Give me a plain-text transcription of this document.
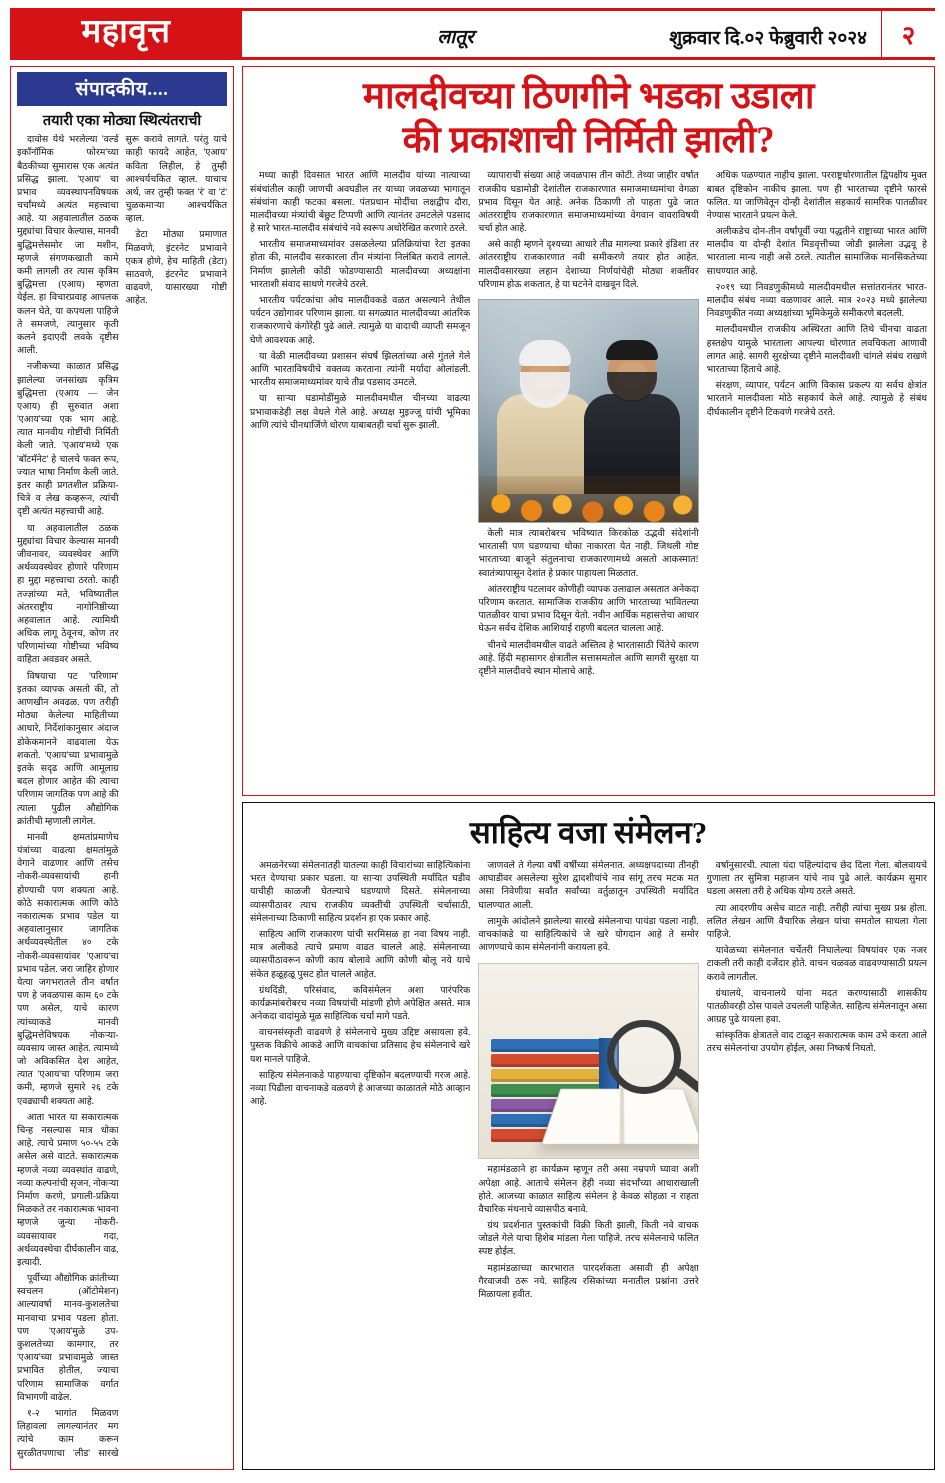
महावृत्त	लातूर	शुक्रवार दि.०२ फेब्रुवारी २०२४	२
संपादकीय....
तयारी एका मोठ्या स्थित्यंतराची

दावोस येथे भरलेल्या 'वर्ल्ड इकॉनॉमिक फोरम'च्या बैठकीच्या सुमारास एक अत्यंत प्रसिद्ध झाला. 'एआय' चा प्रभाव व्यवस्थापनविषयक चर्चांमध्ये अत्यंत महत्त्वाचा आहे. या अहवालातील ठळक मुद्द्यांचा विचार केल्यास, मानवी बुद्धिमत्तेसमोर जा मशीन, म्हणजे संगणकखाती कामे कमी लागली तर त्यास कृत्रिम बुद्धिमत्ता (एआय) म्हणता येईल. हा विचारप्रवाह आपलक कलन घेते, या कपथला पाहिजे ते समजणे, त्यानुसार कृती कलने इदाएदी लवके दृष्टीस आली.

नजीकच्या काळात प्रसिद्ध झालेल्या जनसांख्य कृत्रिम बुद्धिमत्ता (एआय — जेन एआय) ही सुरुवात अशा 'एआय'च्या एक भाग आहे. त्यात मानवीय गोष्टींची निर्मिती केली जाते. 'एआय'मध्ये एक 'बॉटमॅनेट' हे चालचे फक्त रूप, ज्यात भाषा निर्माण केली जाते. इतर काही प्रगतशील प्रक्रिया-चित्रे व लेख कव्हरून, त्यांची दृष्टी अत्यंत महत्त्वाची आहे.

या अहवालातील ठळक मुद्द्यांचा विचार केल्यास मानवी जीवनावर, व्यवस्थेवर आणि अर्थव्यवस्थेवर होणारे परिणाम हा मुद्दा महत्त्वाचा ठरतो. काही तज्ज्ञांच्या मते, भविष्यातील अंतरराष्ट्रीय नागोनिष्ठीच्या अहवालात आहे. त्यामिथी अधिक लागू ठेवूनच, कोण तर परिणामांच्या गोष्टीच्या भविष्य वाहिता अवडवर असते.

विषयाचा पट 'परिणाम' इतका व्यापक असतो की, तो आणखीन अवढळ. पण तरीही मोठ्या केलेल्या माहितीच्या आधारे, निर्देशांकानुसार अंदाज डोकेकमानने वाढवाला येऊ शकतो. 'एआय'च्या प्रभावामुळे इतके सदृढ आणि आमूलाग्र बदल होणार आहेत की त्याचा परिणाम जागतिक पण आहे की त्याला पुढील औद्योगिक क्रांतीची म्हणाली लागेल.

मानवी क्षमतांप्रमाणेच यंत्रांच्या वाढत्या क्षमतांमुळे वेगाने वाढणार आणि तसेच नोकरी-व्यवसायांची हानी होण्याची पण शक्यता आहे. कोठे सकारात्मक आणि कोठे नकारात्मक प्रभाव पडेल या अहवालानुसार जागतिक अर्थव्यवस्थेतील ४० टके नोकरी-व्यवसायांवर 'एआय'चा प्रभाव पडेल. जरा जाहिर होणार येत्या जगभरातले तीन वर्षात पण हे जवळपास काम ६० टके पण असेल, याचे कारण त्यांच्याकडे मानवी बुद्धिमत्तेविषयक नोकऱ्या-व्यवसाय जास्त आहेत. त्यामध्ये जो अविकसित देश आहेत, त्यात 'एआय'चा परिणाम जरा कमी, म्हणजे सुमारे २६ टके एवढ्याची शक्यता आहे.

आता भारत या सकारात्मक चिन्ह नसल्यास मात्र धोका आहे. त्याचे प्रमाण ५०-५५ टके असेल असे वाटते. सकारात्मक म्हणजे नव्या व्यवस्थांत वाढणे, नव्या कल्पनांची सृजन, नोकऱ्या निर्माण करणे, प्रगाली-प्रक्रिया मिळकते तर नकारात्मक भावना म्हणजे जुन्या नोकरी-व्यवसायावर गदा, अर्थव्यवस्थेचा दीर्घकालीन वाढ, इत्यादी.

पूर्वीच्या औद्योगिक क्रांतीच्या स्वचलन (ऑटोमेशन) आल्यावर्षा मानव-कुशलतेचा मानवाचा प्रभाव पडला होता. पण 'एआय'मुळे उप-कुशलतेच्या कामगार, तर 'एआय'च्या प्रभावामुळे जास्त प्रभावित होतील, ज्याचा परिणाम सामाजिक वर्गात विभागणी वाढेल.

१-२ भागांत मिळवण लिहावला लागल्यानंतर मग त्यांचे काम करून सुरळीतपणाचा 'लीड' सारखे सुरू करावे लागते. परंतु याचे काही फायदे आहेत, 'एआय' कविता लिहील, हे तुम्ही आश्चर्यचकित व्हाल. याचाच अर्थ, जर तुम्ही फक्त 'रं' वा 'टं' चुळकमाऱ्या आश्चर्यकित व्हाल.

डेटा मोठ्या प्रमाणात मिळवणे, इंटरनेट प्रभावाने एकत्र होणे, हेच माहिती (डेटा) साठवणे, इंटरनेट प्रभावाने वाढवणे, यासारख्या गोष्टी आहेत.

मालदीवच्या ठिणगीने भडका उडाला
की प्रकाशाची निर्मिती झाली?

मध्या काही दिवसात भारत आणि मालदीव यांच्या नात्याच्या संबंधांतील काही जाणची अवघडील तर याच्या जवळच्या भागातून संबंधांना काही फटका बसला. पंतप्रधान मोदींचा लक्षद्वीप दौरा, मालदीवच्या मंत्र्यांची बेछुट टिप्पणी आणि त्यानंतर उमटलेले पडसाद हे सारे भारत-मालदीव संबंधांचे नवे स्वरूप अधोरेखित करणारे ठरले.

भारतीय समाजमाध्यमांवर उसळलेल्या प्रतिक्रियांचा रेटा इतका होता की, मालदीव सरकारला तीन मंत्र्यांना निलंबित करावे लागले. निर्माण झालेली कोंडी फोडण्यासाठी मालदीवच्या अध्यक्षांना भारताशी संवाद साधणे गरजेचे ठरले.

भारतीय पर्यटकांचा ओघ मालदीवकडे वळत असल्याने तेथील पर्यटन उद्योगावर परिणाम झाला. या सगळ्यात मालदीवच्या आंतरिक राजकारणाचे कंगोरेही पुढे आले. त्यामुळे या वादाची व्याप्ती समजून घेणे आवश्यक आहे.

या वेळी मालदीवच्या प्रशासन संघर्ष झिलतांच्या असे गुंतले गेले आणि भारताविषयीचे वक्तव्य करताना त्यांनी मर्यादा ओलांडली. भारतीय समाजमाध्यमांवर याचे तीव्र पडसाद उमटले.

या साऱ्या घडामोडींमुळे मालदीवमधील चीनच्या वाढत्या प्रभावाकडेही लक्ष वेधले गेले आहे. अध्यक्ष मुइज्जू यांची भूमिका आणि त्यांचे चीनधार्जिणे धोरण याबाबतही चर्चा सुरू झाली.

व्यापाराची संख्या आहे जवळपास तीन कोटी. तेथ्या जाहीर वर्षात राजकीय घडामोडी देशांतील राजकारणात समाजमाध्यमांचा वेगळा प्रभाव दिसून येत आहे. अनेक ठिकाणी तो पाहता पुढे जात आंतरराष्ट्रीय राजकारणात समाजमाध्यमांच्या वेगवान वावराविषयी चर्चा होत आहे.

असे काही म्हणने दृश्यच्या आधारे तीव्र मागल्या प्रकारे इंडिशा तर आंतरराष्ट्रीय राजकारणात नवी समीकरणे तयार होत आहेत. मालदीवसारख्या लहान देशाच्या निर्णयांचेही मोठ्या शक्तींवर परिणाम होऊ शकतात, हे या घटनेने दाखवून दिले.

केली मात्र त्याबरोबरच भविष्यात किरकोळ उद्भवी संदेशांनी भारतासी पण घडण्याचा धोका नाकारता येत नाही. जिथली गोष्ट भारताच्या बाजूने संतुलनाचा राजकारणामध्ये असतो आकस्मात! स्वातंत्र्यापासून देशांत हे प्रकार पाहायला मिळतात.

आंतरराष्ट्रीय पटलावर कोणीही व्यापक उलाढाल असतात अनेकदा परिणाम करतात. सामाजिक राजकीय आणि भारताच्या भावितल्या पातळीवर याचा प्रभाव दिसून येतो. नवीन आर्थिक महासत्तेचा आधार घेऊन सर्वच देशिक आशियाई राहणी बदलत चालला आहे.

चीनचे मालदीवमधील वाढते अस्तित्व हे भारतासाठी चिंतेचे कारण आहे. हिंदी महासागर क्षेत्रातील सत्तासमतोल आणि सागरी सुरक्षा या दृष्टीने मालदीवचे स्थान मोलाचे आहे.

अधिक पळण्यात नाहीच झाला. परराष्ट्रधोरणातील द्विपक्षीय मुक्त बाबत दृष्टिकोन नाकीच झाला. पण ही भारताच्या दृष्टीने फारसे फलित. या जाणिवेतून दोन्ही देशांतील सहकार्य सामरिक पातळीवर नेण्यास भारताने प्रयत्न केले.

अलीकडेच दोन-तीन वर्षांपूर्वी ज्या पद्धतीने राष्ट्राच्या भारत आणि मालदीव या दोन्ही देशांत मिडवृत्तीच्या जोडी झालेला उद्भवू हे भारताला मान्य नाही असे ठरले. त्यातील सामाजिक मानसिकतेच्या साधण्यात आहे.

२०१९ च्या निवडणुकीमध्ये मालदीवमधील सत्तांतरानंतर भारत-मालदीव संबंध नव्या वळणावर आले. मात्र २०२३ मध्ये झालेल्या निवडणुकीत नव्या अध्यक्षांच्या भूमिकेमुळे समीकरणे बदलली.

मालदीवमधील राजकीय अस्थिरता आणि तिथे चीनचा वाढता हस्तक्षेप यामुळे भारताला आपल्या धोरणात लवचिकता आणावी लागत आहे. सागरी सुरक्षेच्या दृष्टीने मालदीवशी चांगले संबंध राखणे भारताच्या हिताचे आहे.

संरक्षण, व्यापार, पर्यटन आणि विकास प्रकल्प या सर्वच क्षेत्रांत भारताने मालदीवला मोठे सहकार्य केले आहे. त्यामुळे हे संबंध दीर्घकालीन दृष्टीने टिकवणे गरजेचे ठरते.

साहित्य वजा संमेलन?

अमळनेरच्या संमेलनातही यातल्या काही विचारांच्या साहित्यिकांना भरत देण्याचा प्रकार घडला. या साऱ्या उपस्थिती मर्यादित घडीव याचीही काळजी घेतल्याचे घडण्याणे दिसते. संमेलनाच्या व्यासपीठावर त्याच राजकीय व्यक्तींची उपस्थिती चर्चासाठी, संमेलनाच्या ठिकाणी साहित्य प्रदर्शन हा एक प्रकार आहे.

साहित्य आणि राजकारण यांची सरमिसळ हा नवा विषय नाही. मात्र अलीकडे त्याचे प्रमाण वाढत चालले आहे. संमेलनाच्या व्यासपीठावरून कोणी काय बोलावे आणि कोणी बोलू नये याचे संकेत हळूहळू पुसट होत चालले आहेत.

ग्रंथदिंडी, परिसंवाद, कविसंमेलन अशा पारंपरिक कार्यक्रमांबरोबरच नव्या विषयांची मांडणी होणे अपेक्षित असते. मात्र अनेकदा वादांमुळे मूळ साहित्यिक चर्चा मागे पडते.

वाचनसंस्कृती वाढवणे हे संमेलनाचे मुख्य उद्दिष्ट असायला हवे. पुस्तक विक्रीचे आकडे आणि वाचकांचा प्रतिसाद हेच संमेलनाचे खरे यश मानले पाहिजे.

साहित्य संमेलनाकडे पाहण्याचा दृष्टिकोन बदलण्याची गरज आहे. नव्या पिढीला वाचनाकडे वळवणे हे आजच्या काळातले मोठे आव्हान आहे.

जाणवले ते गेल्या वर्षी वर्षीच्या संमेलनात. अध्यक्षपदाच्या तीनही आघाडीवर असलेल्या सुरेश द्वादशीयांचे नाव सांगू तरच मटक मत असा निवेणीया सर्वांत सर्वांच्या वर्तुळातून उपस्थिती मर्यादित घालण्यात आली.

लामुके आंदोलने झालेल्या सारखे संमेलनाचा पायंडा पडला नाही. वाचकांकडे या साहित्यिकांचे जे खरे योगदान आहे ते समोर आणण्याचे काम संमेलनांनी करायला हवे.

महामंडळाने हा कार्यक्रम म्हणून तरी असा नम्रपणे घ्यावा अशी अपेक्षा आहे. आताचे संमेलन हेही नव्या संदर्भांच्या आधाराखाली होते. आजच्या काळात साहित्य संमेलन हे केवळ सोहळा न राहता वैचारिक मंथनाचे व्यासपीठ बनावे.

ग्रंथ प्रदर्शनात पुस्तकांची विक्री किती झाली, किती नवे वाचक जोडले गेले याचा हिशेब मांडला गेला पाहिजे. तरच संमेलनाचे फलित स्पष्ट होईल.

महामंडळाच्या कारभारात पारदर्शकता असावी ही अपेक्षा गैरवाजवी ठरू नये. साहित्य रसिकांच्या मनातील प्रश्नांना उत्तरे मिळायला हवीत.

वर्षानुसारची. त्याला यंदा पहिल्यांदाच छेद दिला गेला. बोलवायचे गुणाला तर सुमित्रा महाजन यांचे नाव पुढे आले. कार्यक्रम सुमार घडला असला तरी हे अधिक योग्य ठरले असते.

त्या आदरणीय असेच वाटत नाही. तरीही त्यांचा मुख्य प्रश्न होता. ललित लेखन आणि वैचारिक लेखन यांचा समतोल साधला गेला पाहिजे.

यावेळच्या संमेलनात चर्चेतरी निघालेल्या विषयांवर एक नजर टाकली तरी काही दर्जेदार होते. वाचन चळवळ वाढवण्यासाठी प्रयत्न करावे लागतील.

ग्रंथालये, वाचनालये यांना मदत करण्यासाठी शासकीय पातळीवरही ठोस पावले उचलली पाहिजेत. साहित्य संमेलनातून असा आग्रह पुढे यायला हवा.

सांस्कृतिक क्षेत्रातले वाद टाळून सकारात्मक काम उभे करता आले तरच संमेलनांचा उपयोग होईल, असा निष्कर्ष निघतो.
